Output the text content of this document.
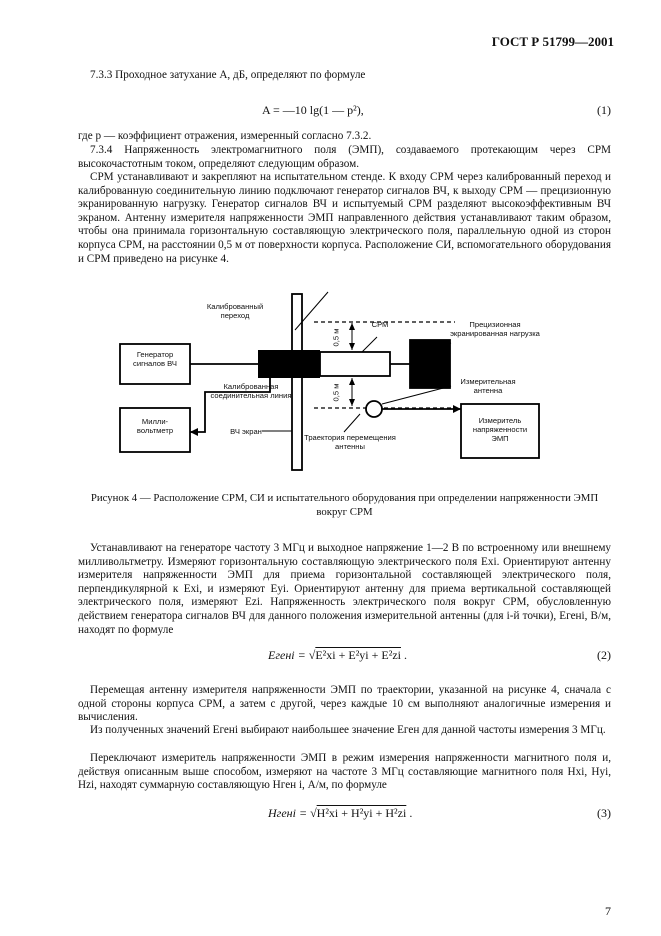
ГОСТ Р 51799—2001

7.3.3 Проходное затухание А, дБ, определяют по формуле

A = —10 lg(1 — p²),	(1)

где р — коэффициент отражения, измеренный согласно 7.3.2.

7.3.4 Напряженность электромагнитного поля (ЭМП), создаваемого протекающим через СРМ высокочастотным током, определяют следующим образом.

СРМ устанавливают и закрепляют на испытательном стенде. К входу СРМ через калиброванный переход и калиброванную соединительную линию подключают генератор сигналов ВЧ, к выходу СРМ — прецизионную экранированную нагрузку. Генератор сигналов ВЧ и испытуемый СРМ разделяют высокоэффективным ВЧ экраном. Антенну измерителя напряженности ЭМП направленного действия устанавливают таким образом, чтобы она принимала горизонтальную составляющую электрического поля, параллельную одной из сторон корпуса СРМ, на расстоянии 0,5 м от поверхности корпуса. Расположение СИ, вспомогательного оборудования и СРМ приведено на рисунке 4.

Генератор сигналов ВЧ
Калиброванный переход
СРМ	Прецизионная экранированная нагрузка
0,5 м
0,5 м
Измерительная антенна
Калиброванная соединительная линия
Милли-вольтметр	ВЧ экран
Траектория перемещения антенны
Измеритель напряженности ЭМП
Рисунок 4 — Расположение СРМ, СИ и испытательного оборудования при определении напряженности ЭМП вокруг СРМ

Устанавливают на генераторе частоту 3 МГц и выходное напряжение 1—2 В по встроенному или внешнему милливольтметру. Измеряют горизонтальную составляющую электрического поля Exi. Ориентируют антенну измерителя напряженности ЭМП для приема горизонтальной составляющей электрического поля, перпендикулярной к Exi, и измеряют Eyi. Ориентируют антенну для приема вертикальной составляющей электрического поля, измеряют Ezi. Напряженность электрического поля вокруг СРМ, обусловленную действием генератора сигналов ВЧ для данного положения измерительной антенны (для i-й точки), Eгенi, В/м, находят по формуле

Eгенi = √E²xi + E²yi + E²zi .	(2)

Перемещая антенну измерителя напряженности ЭМП по траектории, указанной на рисунке 4, сначала с одной стороны корпуса СРМ, а затем с другой, через каждые 10 см выполняют аналогичные измерения и вычисления.

Из полученных значений Eгенi выбирают наибольшее значение Eген для данной частоты измерения 3 МГц.

Переключают измеритель напряженности ЭМП в режим измерения напряженности магнитного поля и, действуя описанным выше способом, измеряют на частоте 3 МГц составляющие магнитного поля Hxi, Hyi, Hzi, находят суммарную составляющую Hген i, А/м, по формуле

Hгенi = √H²xi + H²yi + H²zi .	(3)
7
